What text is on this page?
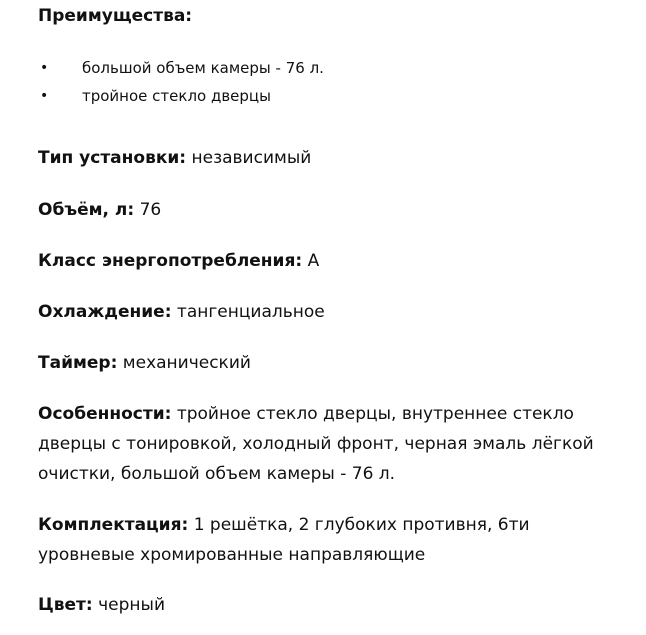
Преимущества:
• большой объем камеры - 76 л.
• тройное стекло дверцы
Тип установки: независимый
Объём, л: 76
Класс энергопотребления: А
Охлаждение: тангенциальное
Таймер: механический
Особенности: тройное стекло дверцы, внутреннее стекло дверцы с тонировкой, холодный фронт, черная эмаль лёгкой очистки, большой объем камеры - 76 л.
Комплектация: 1 решётка, 2 глубоких противня, 6ти уровневые хромированные направляющие
Цвет: черный
